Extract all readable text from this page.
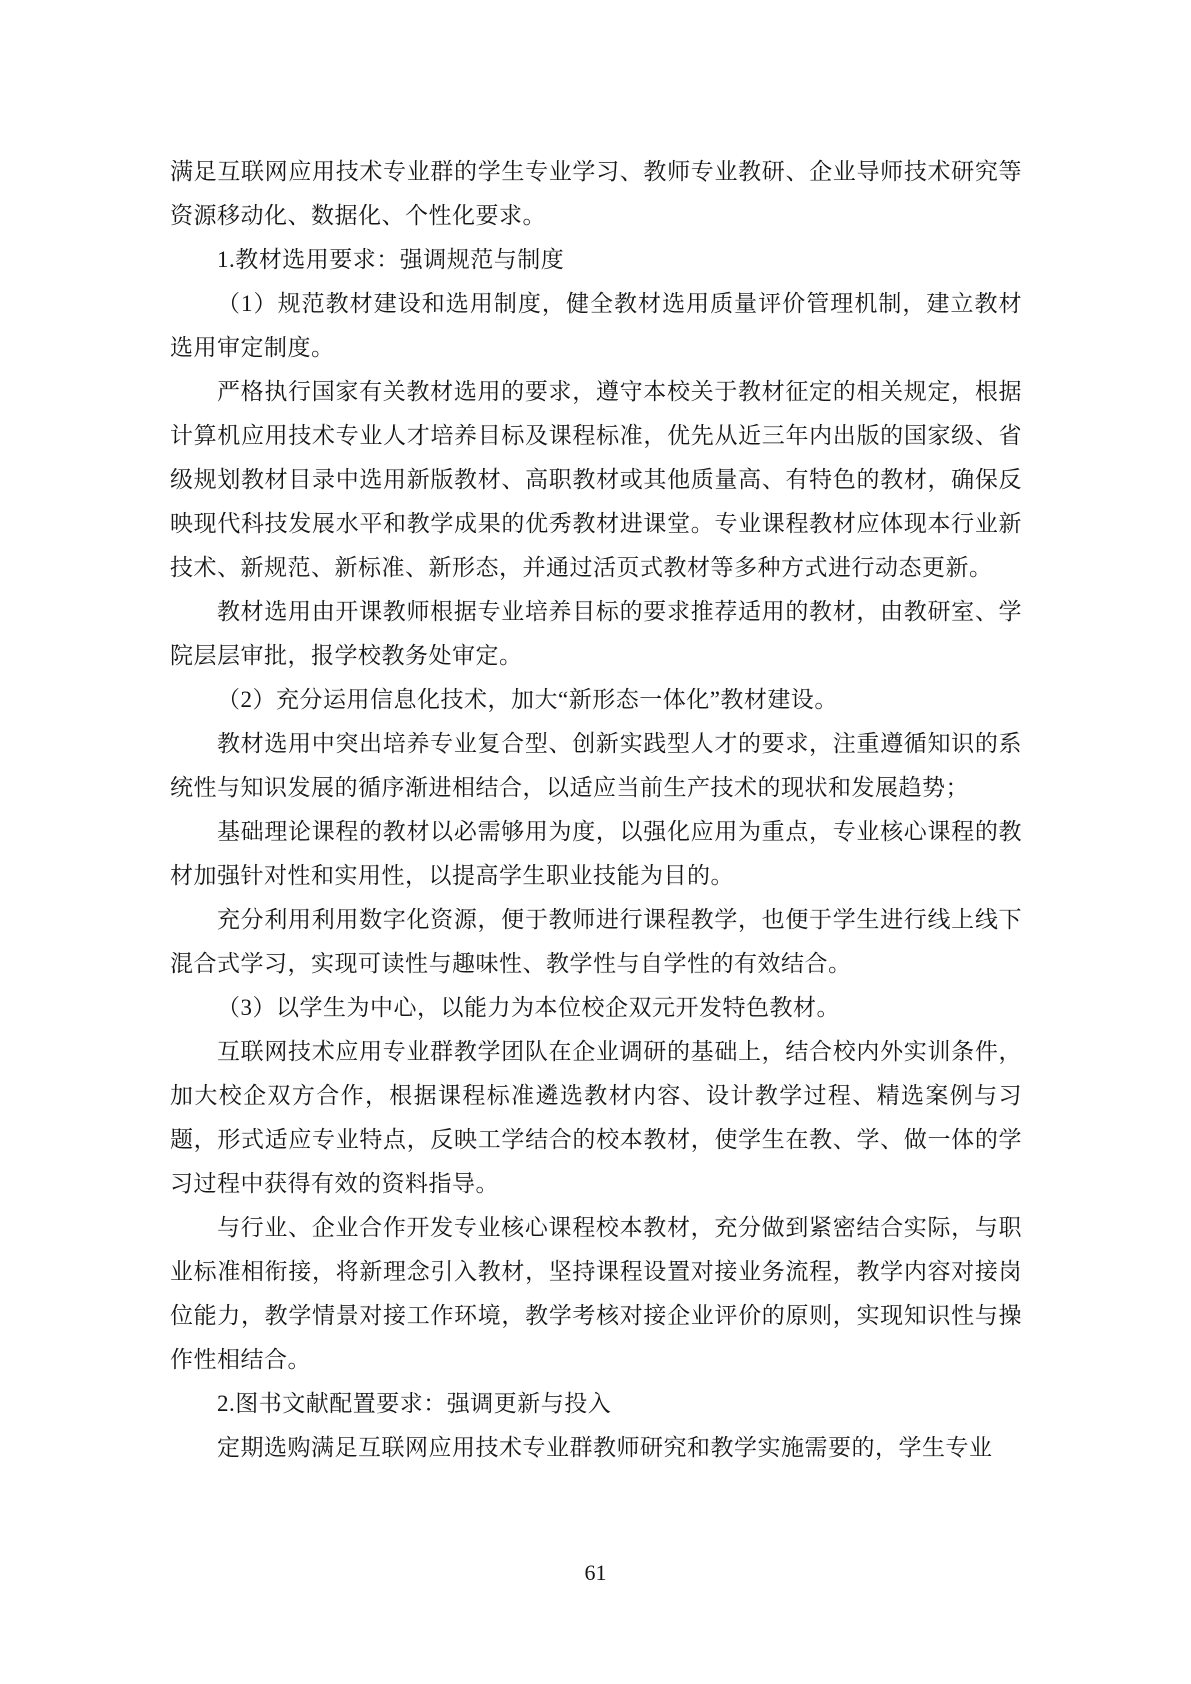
满足互联网应用技术专业群的学生专业学习、教师专业教研、企业导师技术研究等资源移动化、数据化、个性化要求。

1.教材选用要求：强调规范与制度

（1）规范教材建设和选用制度，健全教材选用质量评价管理机制，建立教材选用审定制度。

严格执行国家有关教材选用的要求，遵守本校关于教材征定的相关规定，根据计算机应用技术专业人才培养目标及课程标准，优先从近三年内出版的国家级、省级规划教材目录中选用新版教材、高职教材或其他质量高、有特色的教材，确保反映现代科技发展水平和教学成果的优秀教材进课堂。专业课程教材应体现本行业新技术、新规范、新标准、新形态，并通过活页式教材等多种方式进行动态更新。

教材选用由开课教师根据专业培养目标的要求推荐适用的教材，由教研室、学院层层审批，报学校教务处审定。

（2）充分运用信息化技术，加大“新形态一体化”教材建设。

教材选用中突出培养专业复合型、创新实践型人才的要求，注重遵循知识的系统性与知识发展的循序渐进相结合，以适应当前生产技术的现状和发展趋势；

基础理论课程的教材以必需够用为度，以强化应用为重点，专业核心课程的教材加强针对性和实用性，以提高学生职业技能为目的。

充分利用利用数字化资源，便于教师进行课程教学，也便于学生进行线上线下混合式学习，实现可读性与趣味性、教学性与自学性的有效结合。

（3）以学生为中心，以能力为本位校企双元开发特色教材。

互联网技术应用专业群教学团队在企业调研的基础上，结合校内外实训条件，加大校企双方合作，根据课程标准遴选教材内容、设计教学过程、精选案例与习题，形式适应专业特点，反映工学结合的校本教材，使学生在教、学、做一体的学习过程中获得有效的资料指导。

与行业、企业合作开发专业核心课程校本教材，充分做到紧密结合实际，与职业标准相衔接，将新理念引入教材，坚持课程设置对接业务流程，教学内容对接岗位能力，教学情景对接工作环境，教学考核对接企业评价的原则，实现知识性与操作性相结合。

2.图书文献配置要求：强调更新与投入

定期选购满足互联网应用技术专业群教师研究和教学实施需要的，学生专业

61
